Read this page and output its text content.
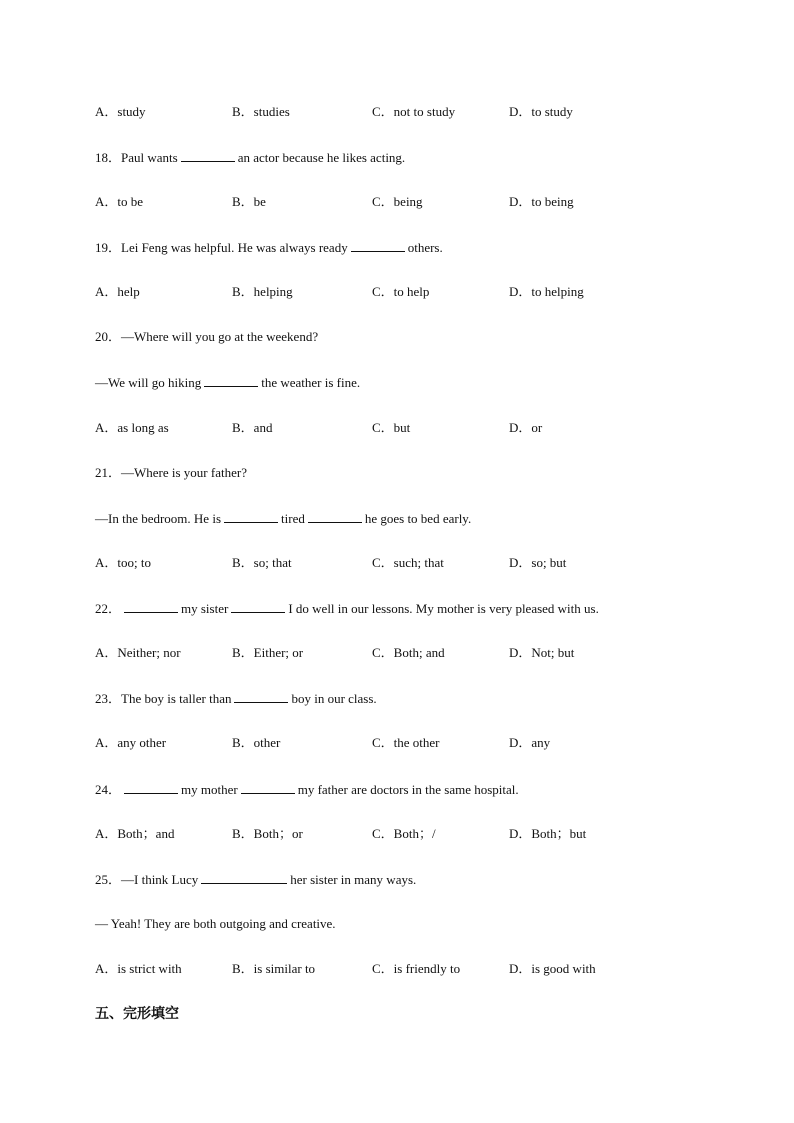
A．study	B．studies	C．not to study	D．to study
18．Paul wants	an actor because he likes acting.
A．to be	B．be	C．being	D．to being
19．Lei Feng was helpful. He was always ready	others.
A．help	B．helping	C．to help	D．to helping
20．—Where will you go at the weekend?
—We will go hiking	the weather is fine.
A．as long as	B．and	C．but	D．or
21．—Where is your father?
—In the bedroom. He is	tired	he goes to bed early.
A．too; to	B．so; that	C．such; that	D．so; but
22．	my sister	I do well in our lessons. My mother is very pleased with us.
A．Neither; nor	B．Either; or	C．Both; and	D．Not; but
23．The boy is taller than	boy in our class.
A．any other	B．other	C．the other	D．any
24．	my mother	my father are doctors in the same hospital.
A．Both；and	B．Both；or	C．Both；/	D．Both；but
25．—I think Lucy	her sister in many ways.
— Yeah! They are both outgoing and creative.
A．is strict with	B．is similar to	C．is friendly to	D．is good with
五、完形填空
